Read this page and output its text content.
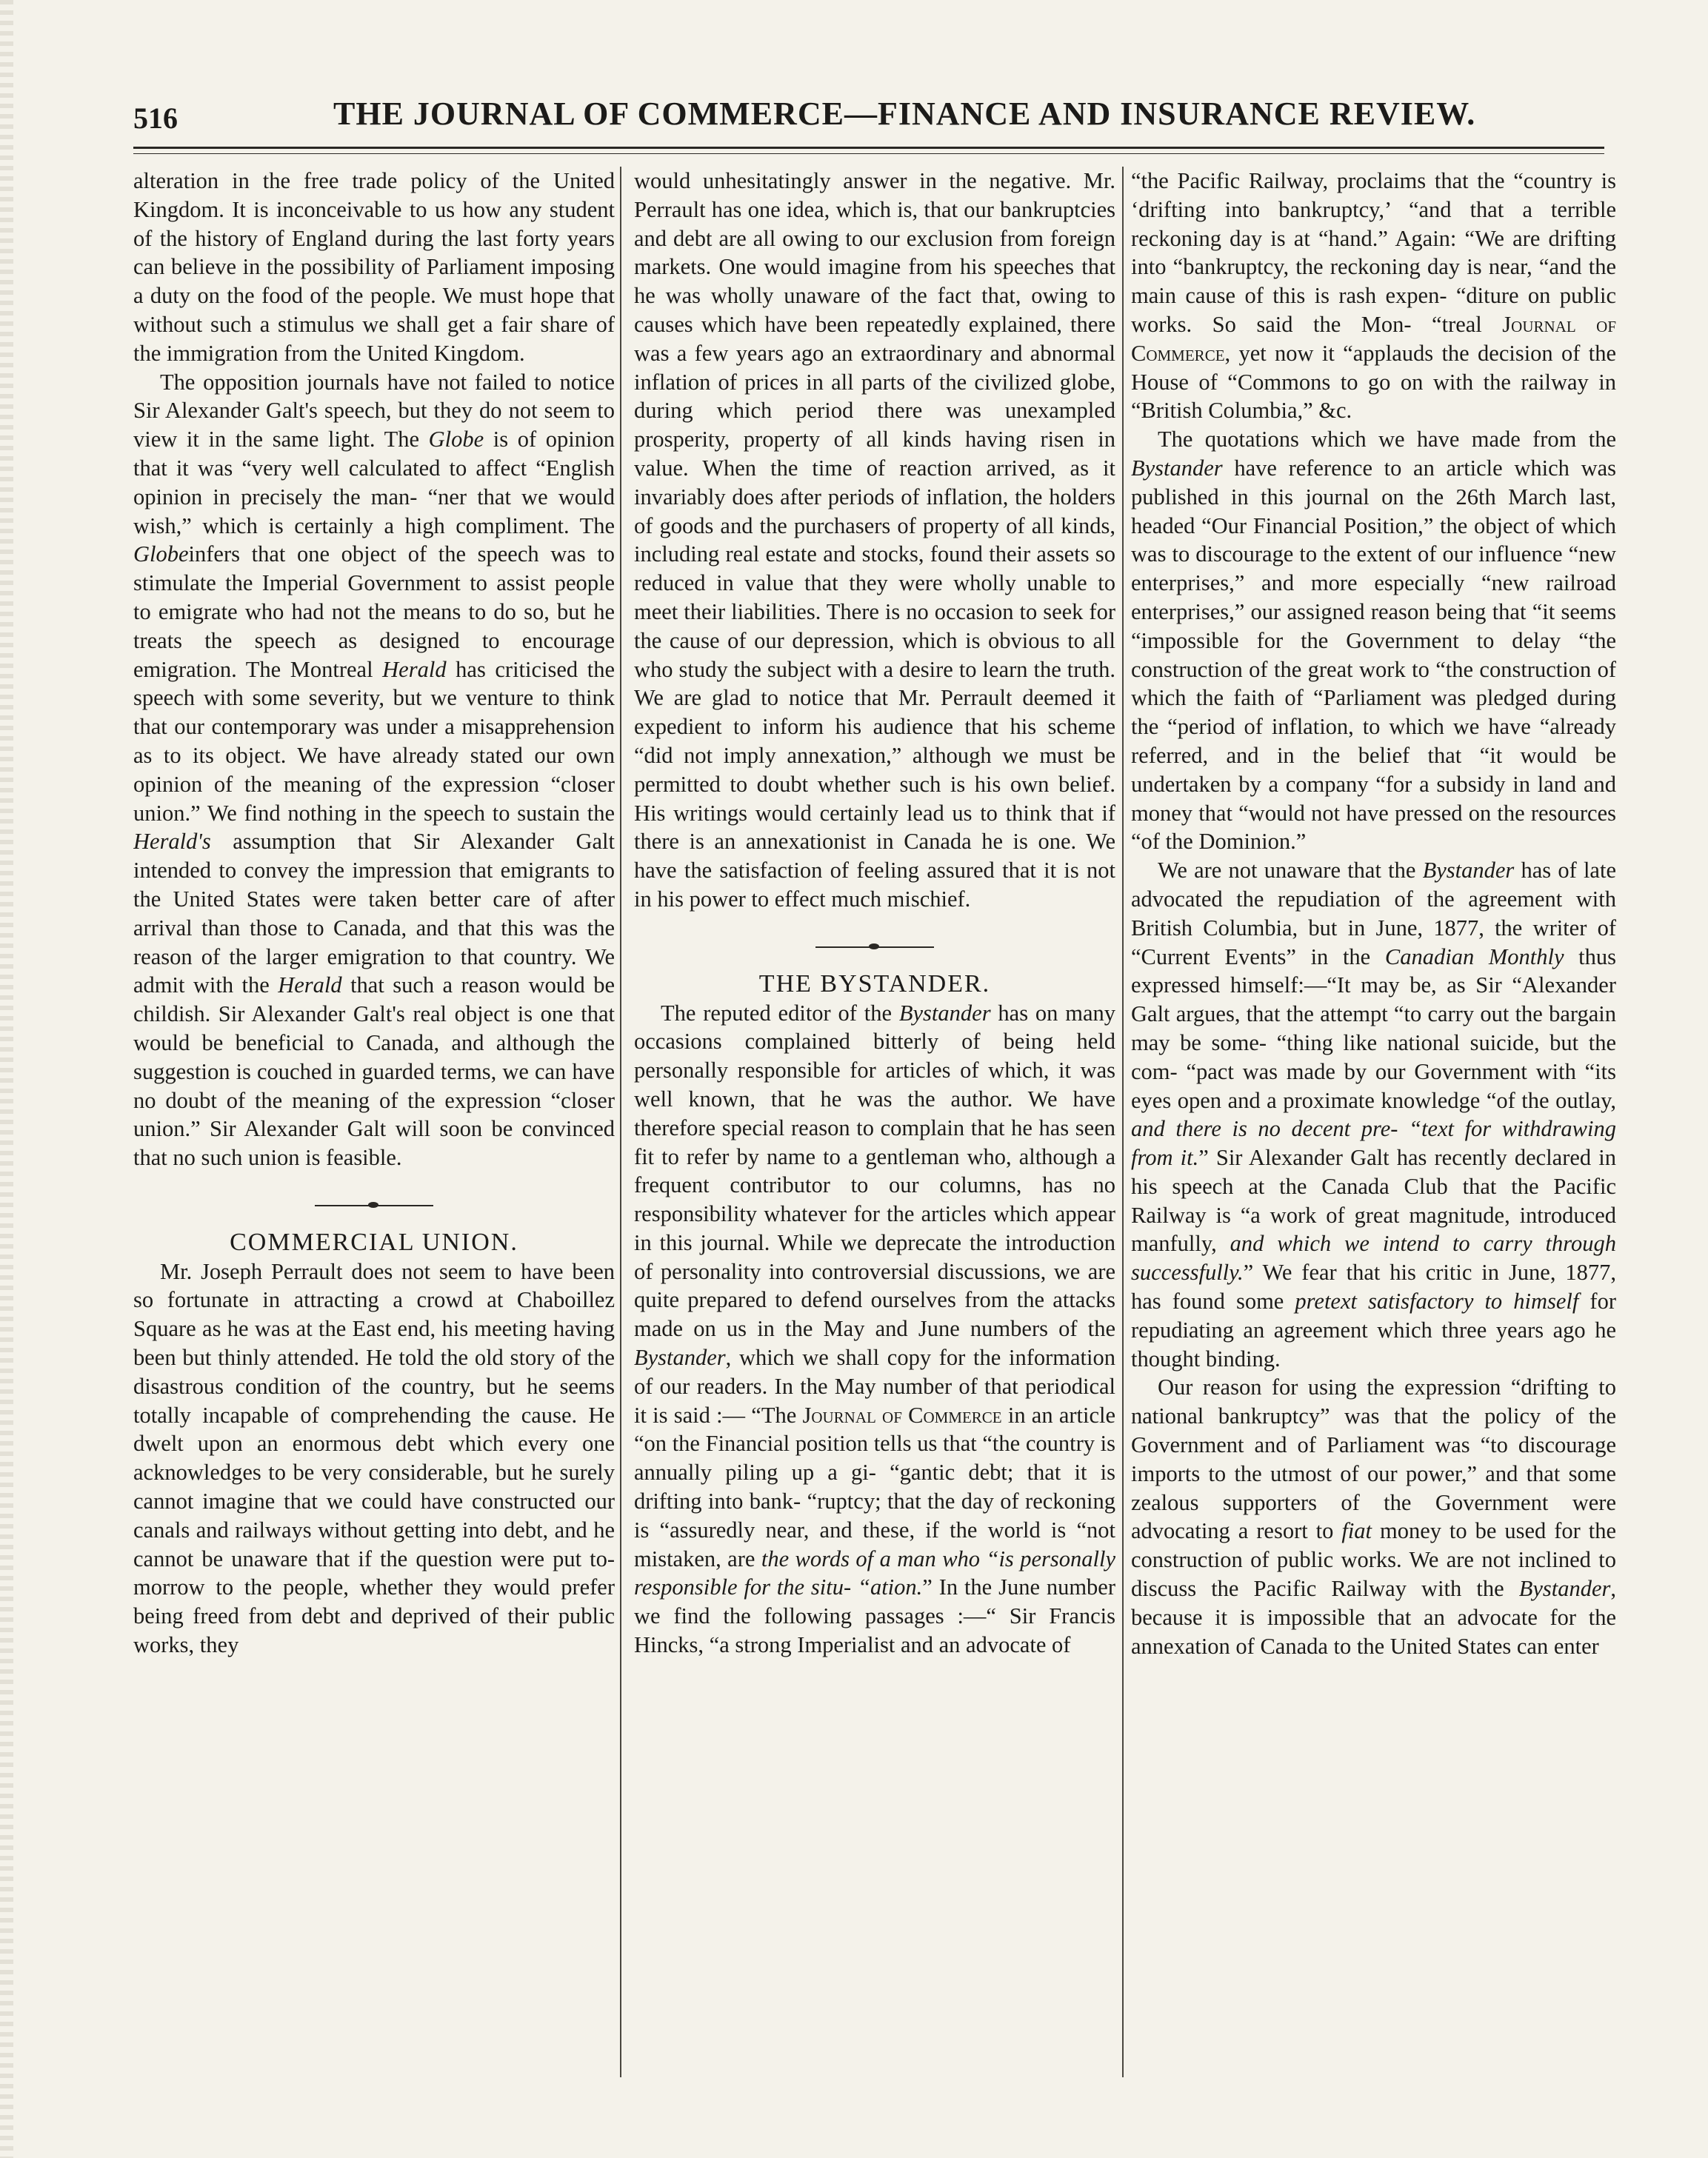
516	THE JOURNAL OF COMMERCE—FINANCE AND INSURANCE REVIEW.

alteration in the free trade policy of the United Kingdom. It is inconceivable to us how any student of the history of England during the last forty years can believe in the possibility of Parliament imposing a duty on the food of the people. We must hope that without such a stimulus we shall get a fair share of the immigration from the United Kingdom.

The opposition journals have not failed to notice Sir Alexander Galt's speech, but they do not seem to view it in the same light. The Globe is of opinion that it was “very well calculated to affect “English opinion in precisely the man- “ner that we would wish,” which is certainly a high compliment. The Globeinfers that one object of the speech was to stimulate the Imperial Government to assist people to emigrate who had not the means to do so, but he treats the speech as designed to encourage emigration. The Montreal Herald has criticised the speech with some severity, but we venture to think that our contemporary was under a misapprehension as to its object. We have already stated our own opinion of the meaning of the expression “closer union.” We find nothing in the speech to sustain the Herald's assumption that Sir Alexander Galt intended to convey the impression that emigrants to the United States were taken better care of after arrival than those to Canada, and that this was the reason of the larger emigration to that country. We admit with the Herald that such a reason would be childish. Sir Alexander Galt's real object is one that would be beneficial to Canada, and although the suggestion is couched in guarded terms, we can have no doubt of the meaning of the expression “closer union.” Sir Alexander Galt will soon be convinced that no such union is feasible.

COMMERCIAL UNION.

Mr. Joseph Perrault does not seem to have been so fortunate in attracting a crowd at Chaboillez Square as he was at the East end, his meeting having been but thinly attended. He told the old story of the disastrous condition of the country, but he seems totally incapable of comprehending the cause. He dwelt upon an enormous debt which every one acknowledges to be very considerable, but he surely cannot imagine that we could have constructed our canals and railways without getting into debt, and he cannot be unaware that if the question were put to-morrow to the people, whether they would prefer being freed from debt and deprived of their public works, they

would unhesitatingly answer in the negative. Mr. Perrault has one idea, which is, that our bankruptcies and debt are all owing to our exclusion from foreign markets. One would imagine from his speeches that he was wholly unaware of the fact that, owing to causes which have been repeatedly explained, there was a few years ago an extraordinary and abnormal inflation of prices in all parts of the civilized globe, during which period there was unexampled prosperity, property of all kinds having risen in value. When the time of reaction arrived, as it invariably does after periods of inflation, the holders of goods and the purchasers of property of all kinds, including real estate and stocks, found their assets so reduced in value that they were wholly unable to meet their liabilities. There is no occasion to seek for the cause of our depression, which is obvious to all who study the subject with a desire to learn the truth. We are glad to notice that Mr. Perrault deemed it expedient to inform his audience that his scheme “did not imply annexation,” although we must be permitted to doubt whether such is his own belief. His writings would certainly lead us to think that if there is an annexationist in Canada he is one. We have the satisfaction of feeling assured that it is not in his power to effect much mischief.

THE BYSTANDER.

The reputed editor of the Bystander has on many occasions complained bitterly of being held personally responsible for articles of which, it was well known, that he was the author. We have therefore special reason to complain that he has seen fit to refer by name to a gentleman who, although a frequent contributor to our columns, has no responsibility whatever for the articles which appear in this journal. While we deprecate the introduction of personality into controversial discussions, we are quite prepared to defend ourselves from the attacks made on us in the May and June numbers of the Bystander, which we shall copy for the information of our readers. In the May number of that periodical it is said :— “The Journal of Commerce in an article “on the Financial position tells us that “the country is annually piling up a gi- “gantic debt; that it is drifting into bank- “ruptcy; that the day of reckoning is “assuredly near, and these, if the world is “not mistaken, are the words of a man who “is personally responsible for the situ- “ation.” In the June number we find the following passages :—“ Sir Francis Hincks, “a strong Imperialist and an advocate of

“the Pacific Railway, proclaims that the “country is ‘drifting into bankruptcy,’ “and that a terrible reckoning day is at “hand.” Again: “We are drifting into “bankruptcy, the reckoning day is near, “and the main cause of this is rash expen- “diture on public works. So said the Mon- “treal Journal of Commerce, yet now it “applauds the decision of the House of “Commons to go on with the railway in “British Columbia,” &c.

The quotations which we have made from the Bystander have reference to an article which was published in this journal on the 26th March last, headed “Our Financial Position,” the object of which was to discourage to the extent of our influence “new enterprises,” and more especially “new railroad enterprises,” our assigned reason being that “it seems “impossible for the Government to delay “the construction of the great work to “the construction of which the faith of “Parliament was pledged during the “period of inflation, to which we have “already referred, and in the belief that “it would be undertaken by a company “for a subsidy in land and money that “would not have pressed on the resources “of the Dominion.”

We are not unaware that the Bystander has of late advocated the repudiation of the agreement with British Columbia, but in June, 1877, the writer of “Current Events” in the Canadian Monthly thus expressed himself:—“It may be, as Sir “Alexander Galt argues, that the attempt “to carry out the bargain may be some- “thing like national suicide, but the com- “pact was made by our Government with “its eyes open and a proximate knowledge “of the outlay, and there is no decent pre- “text for withdrawing from it.” Sir Alexander Galt has recently declared in his speech at the Canada Club that the Pacific Railway is “a work of great magnitude, introduced manfully, and which we intend to carry through successfully.” We fear that his critic in June, 1877, has found some pretext satisfactory to himself for repudiating an agreement which three years ago he thought binding.

Our reason for using the expression “drifting to national bankruptcy” was that the policy of the Government and of Parliament was “to discourage imports to the utmost of our power,” and that some zealous supporters of the Government were advocating a resort to fiat money to be used for the construction of public works. We are not inclined to discuss the Pacific Railway with the Bystander, because it is impossible that an advocate for the annexation of Canada to the United States can enter
